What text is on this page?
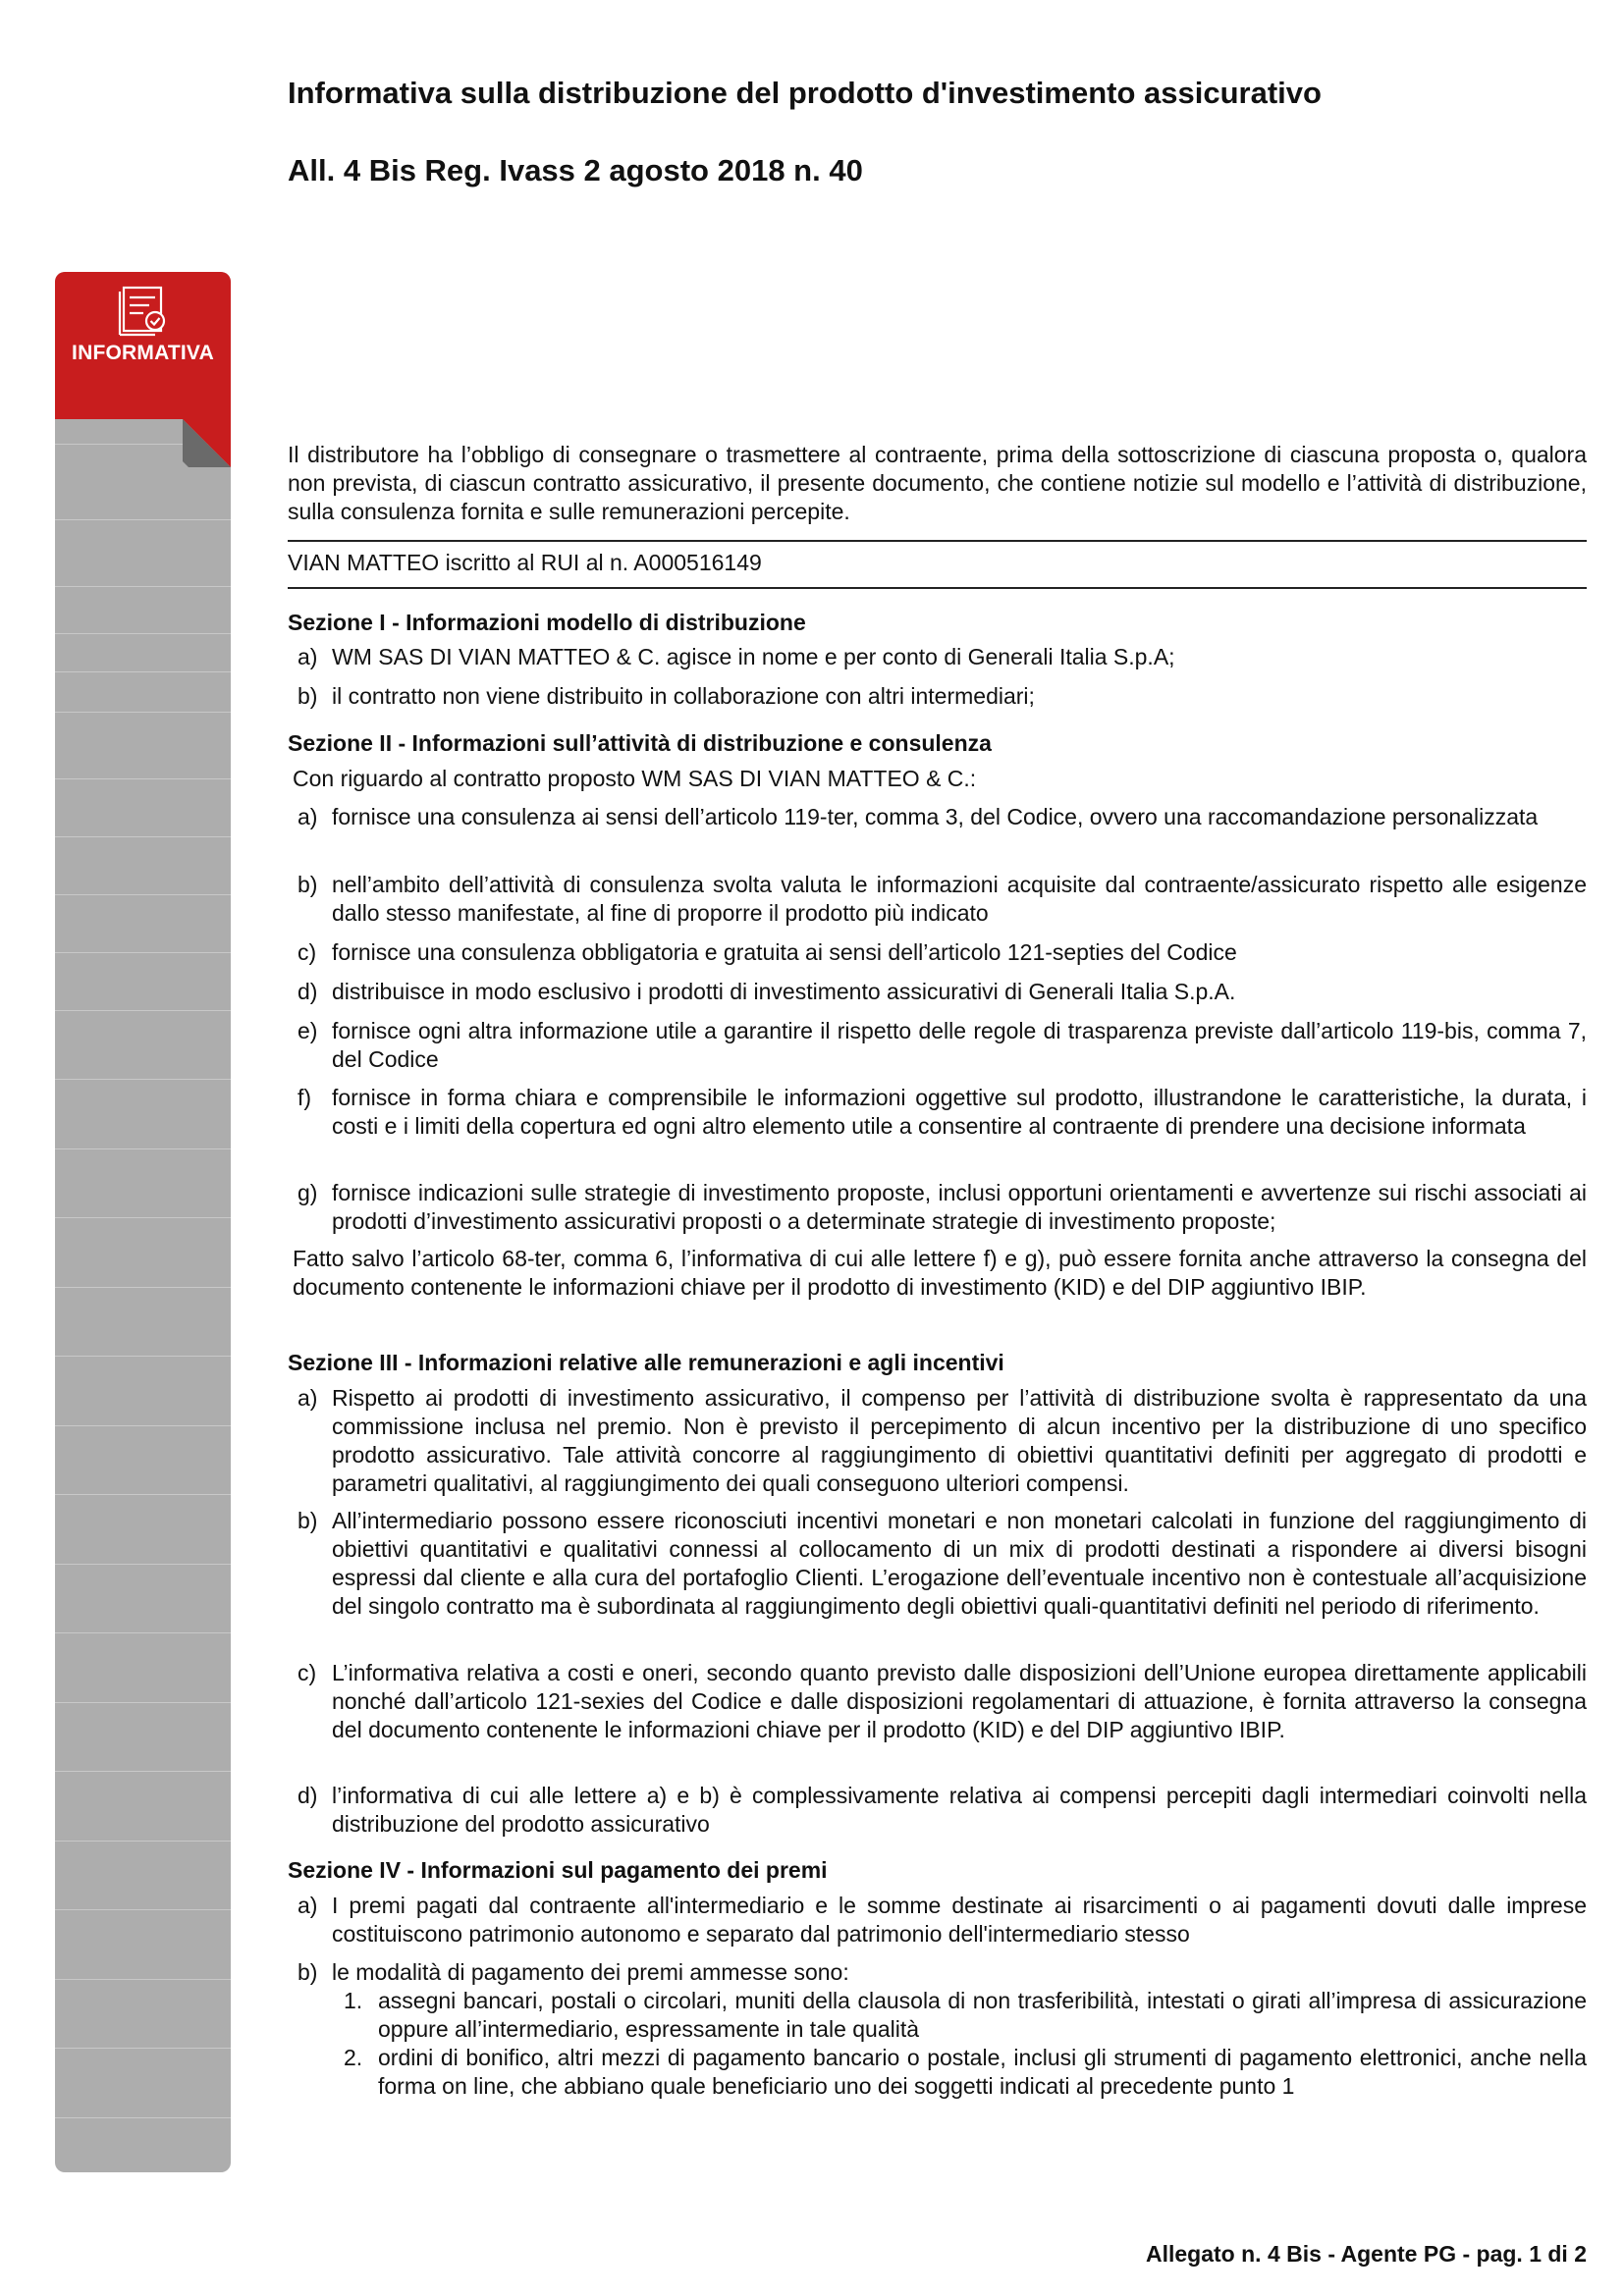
Informativa sulla distribuzione del prodotto d'investimento assicurativo
All. 4 Bis Reg. Ivass 2 agosto 2018 n. 40
INFORMATIVA
Il distributore ha l’obbligo di consegnare o trasmettere al contraente, prima della sottoscrizione di ciascuna proposta o, qualora non prevista, di ciascun contratto assicurativo, il presente documento, che contiene notizie sul modello e l’attività di distribuzione, sulla consulenza fornita e sulle remunerazioni percepite.
VIAN MATTEO iscritto al RUI al n. A000516149
Sezione I - Informazioni modello di distribuzione
a) WM SAS DI VIAN MATTEO & C. agisce in nome e per conto di Generali Italia S.p.A;
b) il contratto non viene distribuito in collaborazione con altri intermediari;
Sezione II - Informazioni sull’attività di distribuzione e consulenza
Con riguardo al contratto proposto WM SAS DI VIAN MATTEO & C.:
a) fornisce una consulenza ai sensi dell’articolo 119-ter, comma 3, del Codice, ovvero una raccomandazione personalizzata
b) nell’ambito dell’attività di consulenza svolta valuta le informazioni acquisite dal contraente/assicurato rispetto alle esigenze dallo stesso manifestate, al fine di proporre il prodotto più indicato
c) fornisce una consulenza obbligatoria e gratuita ai sensi dell’articolo 121-septies del Codice
d) distribuisce in modo esclusivo i prodotti di investimento assicurativi di Generali Italia S.p.A.
e) fornisce ogni altra informazione utile a garantire il rispetto delle regole di trasparenza previste dall’articolo 119-bis, comma 7, del Codice
f) fornisce in forma chiara e comprensibile le informazioni oggettive sul prodotto, illustrandone le caratteristiche, la durata, i costi e i limiti della copertura ed ogni altro elemento utile a consentire al contraente di prendere una decisione informata
g) fornisce indicazioni sulle strategie di investimento proposte, inclusi opportuni orientamenti e avvertenze sui rischi associati ai prodotti d’investimento assicurativi proposti o a determinate strategie di investimento proposte;
Fatto salvo l’articolo 68-ter, comma 6, l’informativa di cui alle lettere f) e g), può essere fornita anche attraverso la consegna del documento contenente le informazioni chiave per il prodotto di investimento (KID) e del DIP aggiuntivo IBIP.
Sezione III - Informazioni relative alle remunerazioni e agli incentivi
a) Rispetto ai prodotti di investimento assicurativo, il compenso per l’attività di distribuzione svolta è rappresentato da una commissione inclusa nel premio. Non è previsto il percepimento di alcun incentivo per la distribuzione di uno specifico prodotto assicurativo. Tale attività concorre al raggiungimento di obiettivi quantitativi definiti per aggregato di prodotti e parametri qualitativi, al raggiungimento dei quali conseguono ulteriori compensi.
b) All’intermediario possono essere riconosciuti incentivi monetari e non monetari calcolati in funzione del raggiungimento di obiettivi quantitativi e qualitativi connessi al collocamento di un mix di prodotti destinati a rispondere ai diversi bisogni espressi dal cliente e alla cura del portafoglio Clienti. L’erogazione dell’eventuale incentivo non è contestuale all’acquisizione del singolo contratto ma è subordinata al raggiungimento degli obiettivi quali-quantitativi definiti nel periodo di riferimento.
c) L’informativa relativa a costi e oneri, secondo quanto previsto dalle disposizioni dell’Unione europea direttamente applicabili nonché dall’articolo 121-sexies del Codice e dalle disposizioni regolamentari di attuazione, è fornita attraverso la consegna del documento contenente le informazioni chiave per il prodotto (KID) e del DIP aggiuntivo IBIP.
d) l’informativa di cui alle lettere a) e b) è complessivamente relativa ai compensi percepiti dagli intermediari coinvolti nella distribuzione del prodotto assicurativo
Sezione IV - Informazioni sul pagamento dei premi
a) I premi pagati dal contraente all'intermediario e le somme destinate ai risarcimenti o ai pagamenti dovuti dalle imprese costituiscono patrimonio autonomo e separato dal patrimonio dell'intermediario stesso
b) le modalità di pagamento dei premi ammesse sono:
1. assegni bancari, postali o circolari, muniti della clausola di non trasferibilità, intestati o girati all’impresa di assicurazione oppure all’intermediario, espressamente in tale qualità
2. ordini di bonifico, altri mezzi di pagamento bancario o postale, inclusi gli strumenti di pagamento elettronici, anche nella forma on line, che abbiano quale beneficiario uno dei soggetti indicati al precedente punto 1
Allegato n. 4 Bis - Agente PG - pag. 1 di 2
